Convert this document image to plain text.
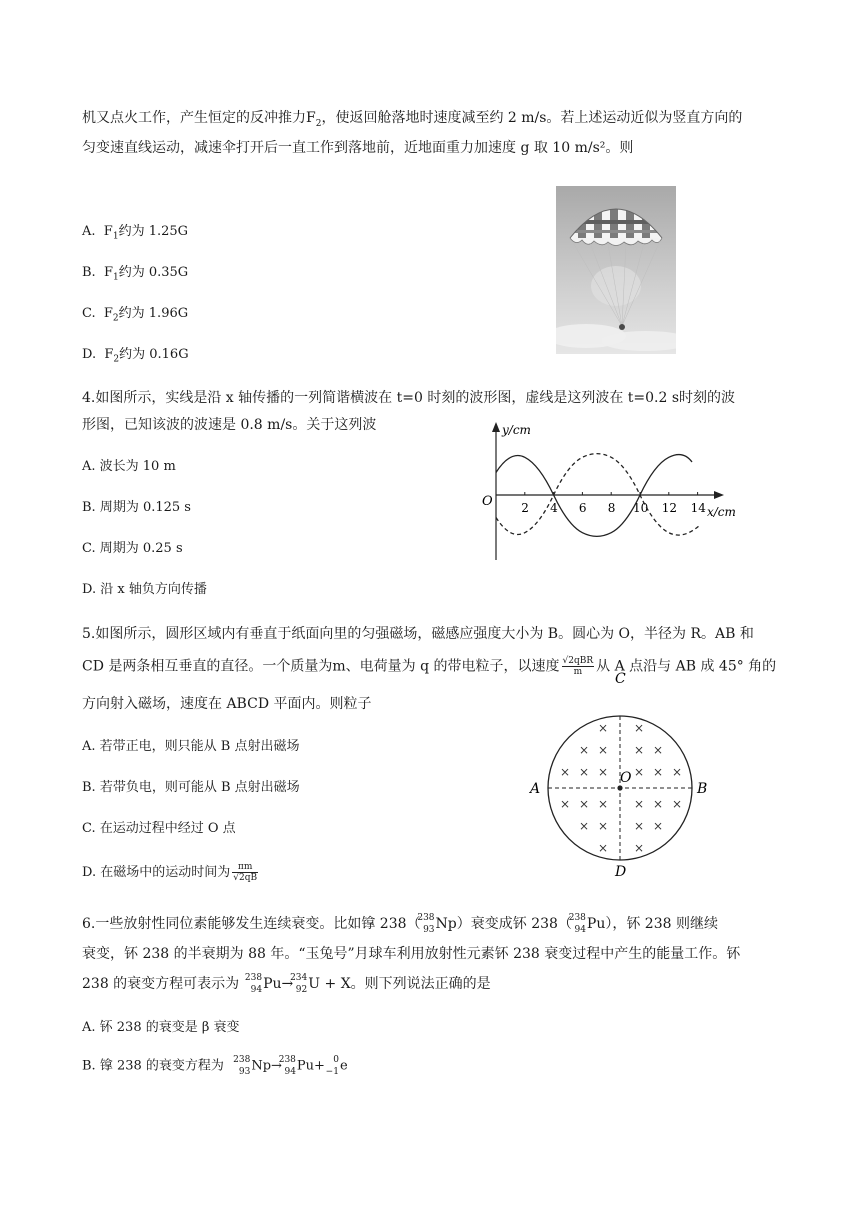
机又点火工作，产生恒定的反冲推力$F_2$，使返回舱落地时速度减至约 2 m/s。若上述运动近似为竖直方向的
匀变速直线运动，减速伞打开后一直工作到落地前，近地面重力加速度 g 取 10 m/s²。则
A. $F_1$约为 1.25G
B. $F_1$约为 0.35G
C. $F_2$约为 1.96G
D. $F_2$约为 0.16G
4.如图所示，实线是沿 x 轴传播的一列简谐横波在 t=0 时刻的波形图，虚线是这列波在 t=0.2 s时刻的波
形图，已知该波的波速是 0.8 m/s。关于这列波
A. 波长为 10 m
B. 周期为 0.125 s
C. 周期为 0.25 s
D. 沿 x 轴负方向传播
y/cm
x/cm
O 2 4 6 8 10 12 14
5.如图所示，圆形区域内有垂直于纸面向里的匀强磁场，磁感应强度大小为 B。圆心为 O，半径为 R。AB 和
CD 是两条相互垂直的直径。一个质量为m、电荷量为 q 的带电粒子，以速度 $\frac{\text{√2qBR}}{m}$ 从 A 点沿与 AB 成 45° 角的
方向射入磁场，速度在 ABCD 平面内。则粒子
A. 若带正电，则只能从 B 点射出磁场
B. 若带负电，则可能从 B 点射出磁场
C. 在运动过程中经过 O 点
D. 在磁场中的运动时间为 $\frac{\pi m}{√2qB}$
× ×
× × × ×
× × × × × ×
× × × × × ×
× × × ×
× ×
C
D
A	B
O
6.一些放射性同位素能够发生连续衰变。比如镎 238（
238
93 Np）衰变成钚 238（
238
94 Pu），钚 238 则继续
衰变，钚 238 的半衰期为 88 年。“玉兔号”月球车利用放射性元素钚 238 衰变过程中产生的能量工作。钚
238 的衰变方程可表示为 238
94 Pu→
234
92 U + X。则下列说法正确的是
A. 钚 238 的衰变是 β 衰变
B. 镎 238 的衰变方程为 238
93 Np→
238
94 Pu+ 0
−1 e
